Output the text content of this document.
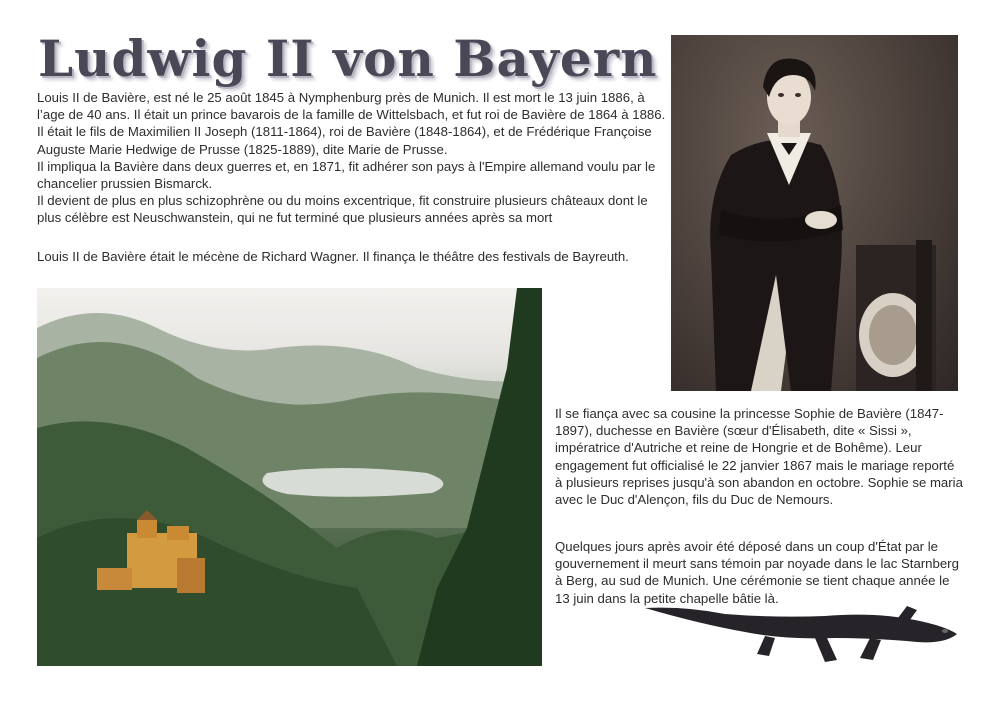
Ludwig II von Bayern

Louis II de Bavière, est né le 25 août 1845 à Nymphenburg près de Munich. Il est mort le 13 juin 1886, à l’age de 40 ans. Il était un prince bavarois de la famille de Wittelsbach, et fut roi de Bavière de 1864 à 1886. Il était le fils de Maximilien II Joseph (1811-1864), roi de Bavière (1848-1864), et de Frédérique Françoise Auguste Marie Hedwige de Prusse (1825-1889), dite Marie de Prusse.
Il impliqua la Bavière dans deux guerres et, en 1871, fit adhérer son pays à l'Empire allemand voulu par le chancelier prussien Bismarck.
Il devient de plus en plus schizophrène ou du moins excentrique, fit construire plusieurs châteaux dont le plus célèbre est Neuschwanstein, qui ne fut terminé que plusieurs années après sa mort

Louis II de Bavière était le mécène de Richard Wagner. Il finança le théâtre des festivals de Bayreuth.

Il se fiança avec sa cousine la princesse Sophie de Bavière (1847-1897), duchesse en Bavière (sœur d'Élisabeth, dite « Sissi », impératrice d'Autriche et reine de Hongrie et de Bohême). Leur engagement fut officialisé le 22 janvier 1867 mais le mariage reporté à plusieurs reprises jusqu'à son abandon en octobre. Sophie se maria avec le Duc d'Alençon, fils du Duc de Nemours.

Quelques jours après avoir été déposé dans un coup d'État par le gouvernement il meurt sans témoin par noyade dans le lac Starnberg à Berg, au sud de Munich. Une cérémonie se tient chaque année le 13 juin dans la petite chapelle bâtie là.
